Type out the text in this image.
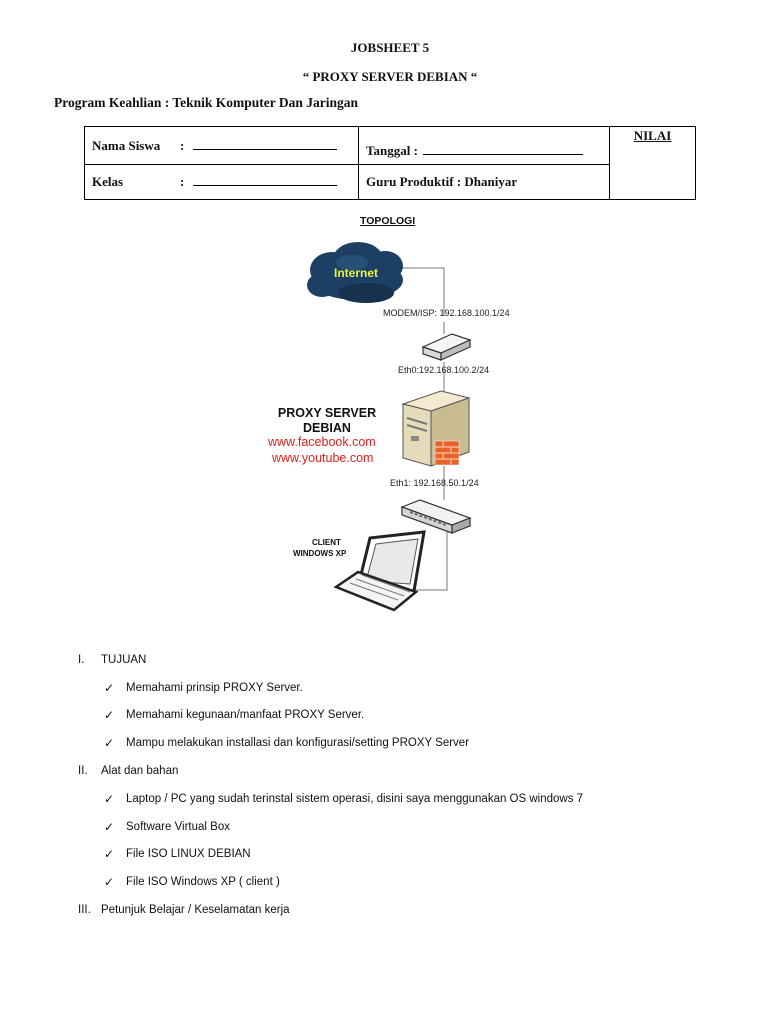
JOBSHEET 5
“ PROXY SERVER DEBIAN “
Program Keahlian : Teknik Komputer Dan Jaringan
Nama Siswa :	Tanggal :	NILAI

Kelas :	Guru Produktif : Dhaniyar	
TOPOLOGI
Internet
MODEM/ISP: 192.168.100.1/24
Eth0:192.168.100.2/24
PROXY SERVER
DEBIAN
www.facebook.com
www.youtube.com
Eth1: 192.168.50.1/24
CLIENT
WINDOWS XP
I. TUJUAN
✓ Memahami prinsip PROXY Server.
✓ Memahami kegunaan/manfaat PROXY Server.
✓ Mampu melakukan installasi dan konfigurasi/setting PROXY Server
II. Alat dan bahan
✓ Laptop / PC yang sudah terinstal sistem operasi, disini saya menggunakan OS windows 7
✓ Software Virtual Box
✓ File ISO LINUX DEBIAN
✓ File ISO Windows XP ( client )
III. Petunjuk Belajar / Keselamatan kerja
